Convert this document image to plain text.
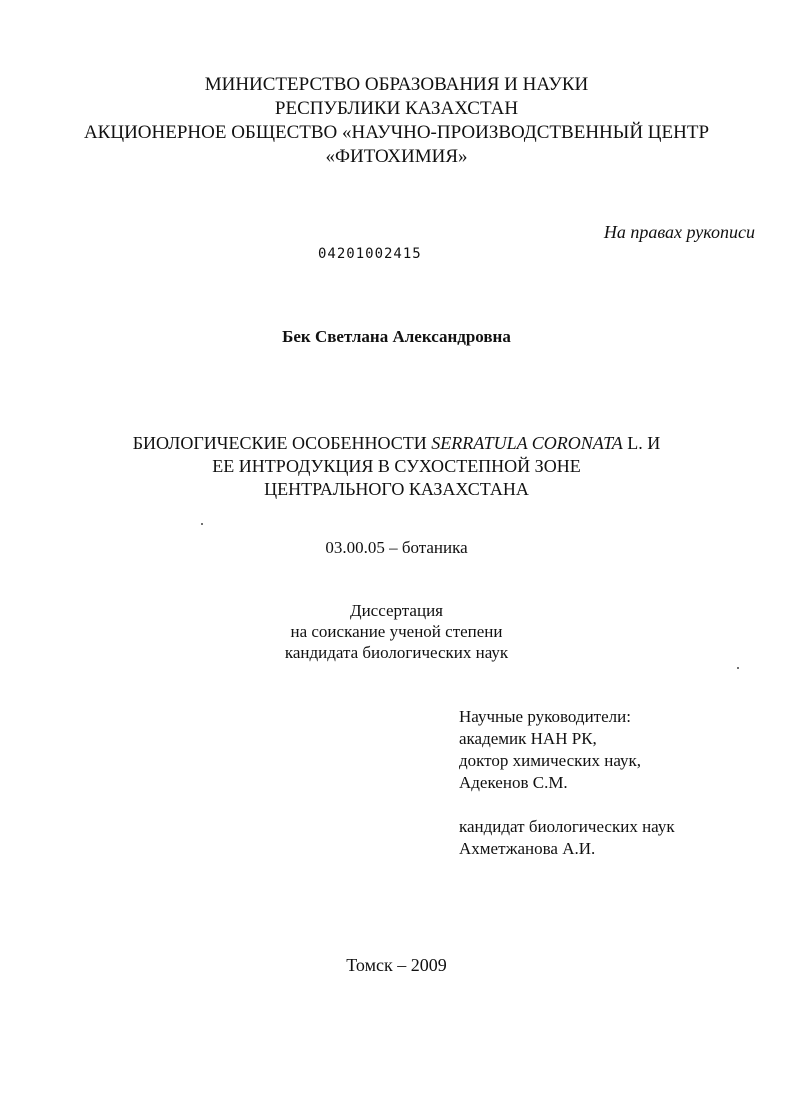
МИНИСТЕРСТВО ОБРАЗОВАНИЯ И НАУКИ
РЕСПУБЛИКИ КАЗАХСТАН
АКЦИОНЕРНОЕ ОБЩЕСТВО «НАУЧНО-ПРОИЗВОДСТВЕННЫЙ ЦЕНТР
«ФИТОХИМИЯ»
На правах рукописи
04201002415
Бек Светлана Александровна
БИОЛОГИЧЕСКИЕ ОСОБЕННОСТИ SERRATULA CORONATA L. И
ЕЕ ИНТРОДУКЦИЯ В СУХОСТЕПНОЙ ЗОНЕ
ЦЕНТРАЛЬНОГО КАЗАХСТАНА
03.00.05 – ботаника
Диссертация
на соискание ученой степени
кандидата биологических наук
Научные руководители:
академик НАН РК,
доктор химических наук,
Адекенов С.М.
кандидат биологических наук
Ахметжанова А.И.
Томск – 2009
